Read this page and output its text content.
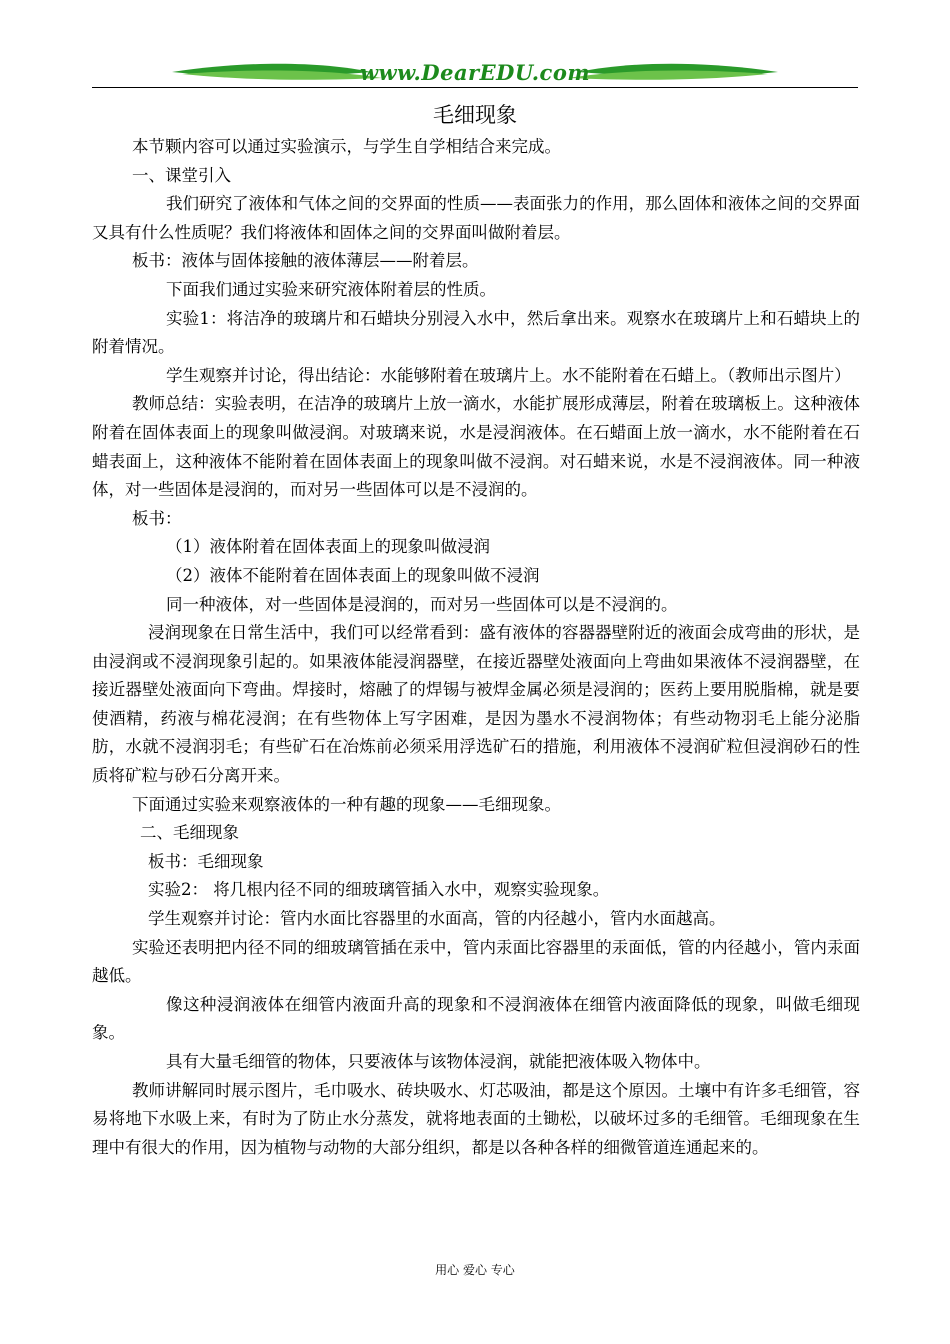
www.DearEDU.com
毛细现象

本节颗内容可以通过实验演示，与学生自学相结合来完成。

一、课堂引入

我们研究了液体和气体之间的交界面的性质——表面张力的作用，那么固体和液体之间的交界面又具有什么性质呢？我们将液体和固体之间的交界面叫做附着层。

板书：液体与固体接触的液体薄层——附着层。

下面我们通过实验来研究液体附着层的性质。

实验1：将洁净的玻璃片和石蜡块分别浸入水中，然后拿出来。观察水在玻璃片上和石蜡块上的附着情况。

学生观察并讨论，得出结论：水能够附着在玻璃片上。水不能附着在石蜡上。（教师出示图片）

教师总结：实验表明，在洁净的玻璃片上放一滴水，水能扩展形成薄层，附着在玻璃板上。这种液体附着在固体表面上的现象叫做浸润。对玻璃来说，水是浸润液体。在石蜡面上放一滴水，水不能附着在石蜡表面上，这种液体不能附着在固体表面上的现象叫做不浸润。对石蜡来说，水是不浸润液体。同一种液体，对一些固体是浸润的，而对另一些固体可以是不浸润的。

板书：

（1）液体附着在固体表面上的现象叫做浸润

（2）液体不能附着在固体表面上的现象叫做不浸润

同一种液体，对一些固体是浸润的，而对另一些固体可以是不浸润的。

浸润现象在日常生活中，我们可以经常看到：盛有液体的容器器壁附近的液面会成弯曲的形状，是由浸润或不浸润现象引起的。如果液体能浸润器壁，在接近器壁处液面向上弯曲如果液体不浸润器壁，在接近器壁处液面向下弯曲。焊接时，熔融了的焊锡与被焊金属必须是浸润的；医药上要用脱脂棉，就是要使酒精，药液与棉花浸润；在有些物体上写字困难，是因为墨水不浸润物体；有些动物羽毛上能分泌脂肪，水就不浸润羽毛；有些矿石在冶炼前必须采用浮选矿石的措施，利用液体不浸润矿粒但浸润砂石的性质将矿粒与砂石分离开来。

下面通过实验来观察液体的一种有趣的现象——毛细现象。

二、毛细现象

板书：毛细现象

实验2： 将几根内径不同的细玻璃管插入水中，观察实验现象。

学生观察并讨论：管内水面比容器里的水面高，管的内径越小，管内水面越高。

实验还表明把内径不同的细玻璃管插在汞中，管内汞面比容器里的汞面低，管的内径越小，管内汞面越低。

像这种浸润液体在细管内液面升高的现象和不浸润液体在细管内液面降低的现象，叫做毛细现象。

具有大量毛细管的物体，只要液体与该物体浸润，就能把液体吸入物体中。

教师讲解同时展示图片，毛巾吸水、砖块吸水、灯芯吸油，都是这个原因。土壤中有许多毛细管，容易将地下水吸上来，有时为了防止水分蒸发，就将地表面的土锄松，以破坏过多的毛细管。毛细现象在生理中有很大的作用，因为植物与动物的大部分组织，都是以各种各样的细微管道连通起来的。

用心 爱心 专心
